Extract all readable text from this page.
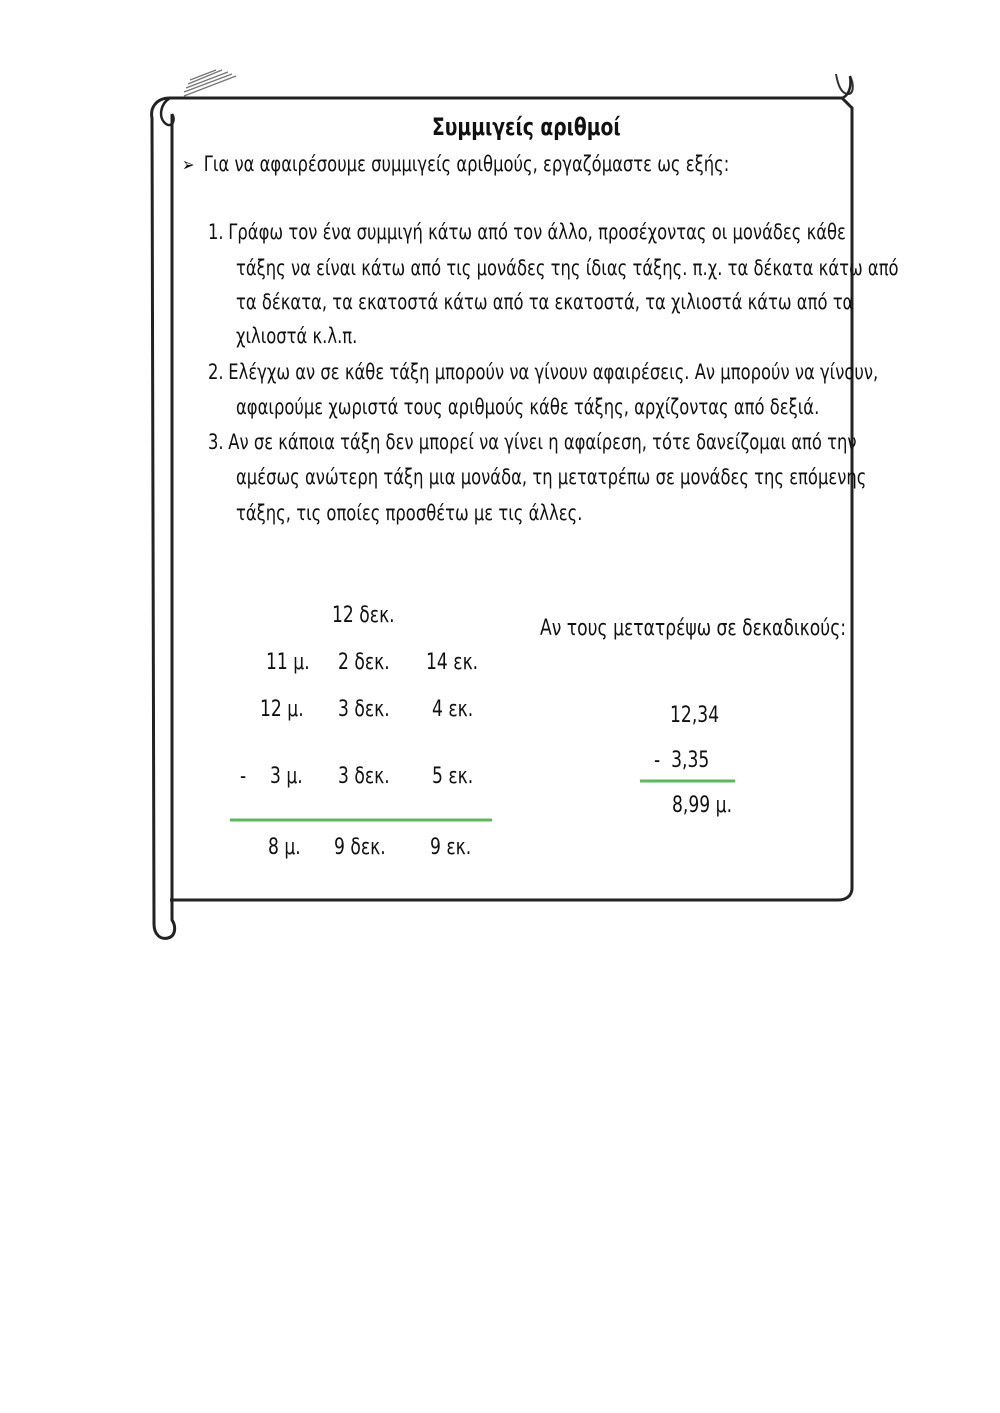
Συμμιγείς αριθμοί
➢ Για να αφαιρέσουμε συμμιγείς αριθμούς, εργαζόμαστε ως εξής:
1. Γράφω τον ένα συμμιγή κάτω από τον άλλο, προσέχοντας οι μονάδες κάθε
τάξης να είναι κάτω από τις μονάδες της ίδιας τάξης. π.χ. τα δέκατα κάτω από
τα δέκατα, τα εκατοστά κάτω από τα εκατοστά, τα χιλιοστά κάτω από τα
χιλιοστά κ.λ.π.
2. Ελέγχω αν σε κάθε τάξη μπορούν να γίνουν αφαιρέσεις. Αν μπορούν να γίνουν,
αφαιρούμε χωριστά τους αριθμούς κάθε τάξης, αρχίζοντας από δεξιά.
3. Αν σε κάποια τάξη δεν μπορεί να γίνει η αφαίρεση, τότε δανείζομαι από την
αμέσως ανώτερη τάξη μια μονάδα, τη μετατρέπω σε μονάδες της επόμενης
τάξης, τις οποίες προσθέτω με τις άλλες.
12 δεκ.
11 μ.	2 δεκ.	14 εκ.
12 μ.	3 δεκ.	4 εκ.
- 3 μ.	3 δεκ.	5 εκ.
8 μ.	9 δεκ.	9 εκ.
Αν τους μετατρέψω σε δεκαδικούς:
12,34
-  3,35
8,99 μ.
